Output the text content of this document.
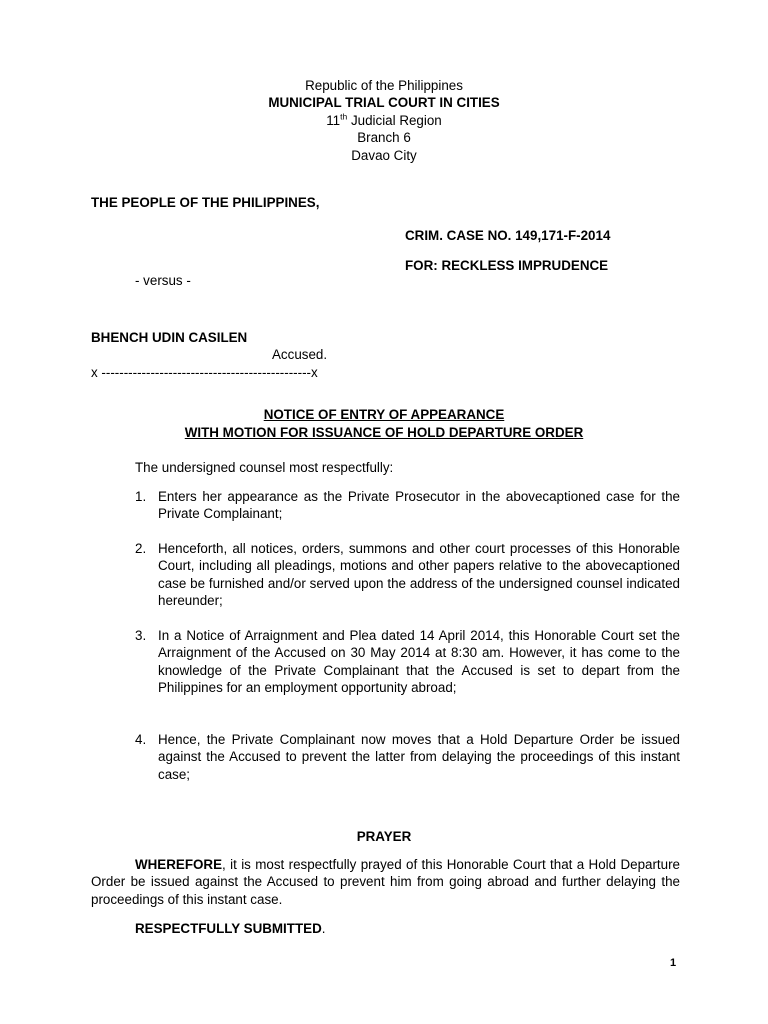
Republic of the Philippines
MUNICIPAL TRIAL COURT IN CITIES
11th Judicial Region
Branch 6
Davao City
THE PEOPLE OF THE PHILIPPINES,
CRIM. CASE NO. 149,171-F-2014
FOR: RECKLESS IMPRUDENCE
- versus -
BHENCH UDIN CASILEN
Accused.
x -----------------------------------------------x
NOTICE OF ENTRY OF APPEARANCE
WITH MOTION FOR ISSUANCE OF HOLD DEPARTURE ORDER
The undersigned counsel most respectfully:
1. Enters her appearance as the Private Prosecutor in the abovecaptioned case for the Private Complainant;
2. Henceforth, all notices, orders, summons and other court processes of this Honorable Court, including all pleadings, motions and other papers relative to the abovecaptioned case be furnished and/or served upon the address of the undersigned counsel indicated hereunder;
3. In a Notice of Arraignment and Plea dated 14 April 2014, this Honorable Court set the Arraignment of the Accused on 30 May 2014 at 8:30 am. However, it has come to the knowledge of the Private Complainant that the Accused is set to depart from the Philippines for an employment opportunity abroad;
4. Hence, the Private Complainant now moves that a Hold Departure Order be issued against the Accused to prevent the latter from delaying the proceedings of this instant case;
PRAYER
WHEREFORE, it is most respectfully prayed of this Honorable Court that a Hold Departure Order be issued against the Accused to prevent him from going abroad and further delaying the proceedings of this instant case.
RESPECTFULLY SUBMITTED.
1
